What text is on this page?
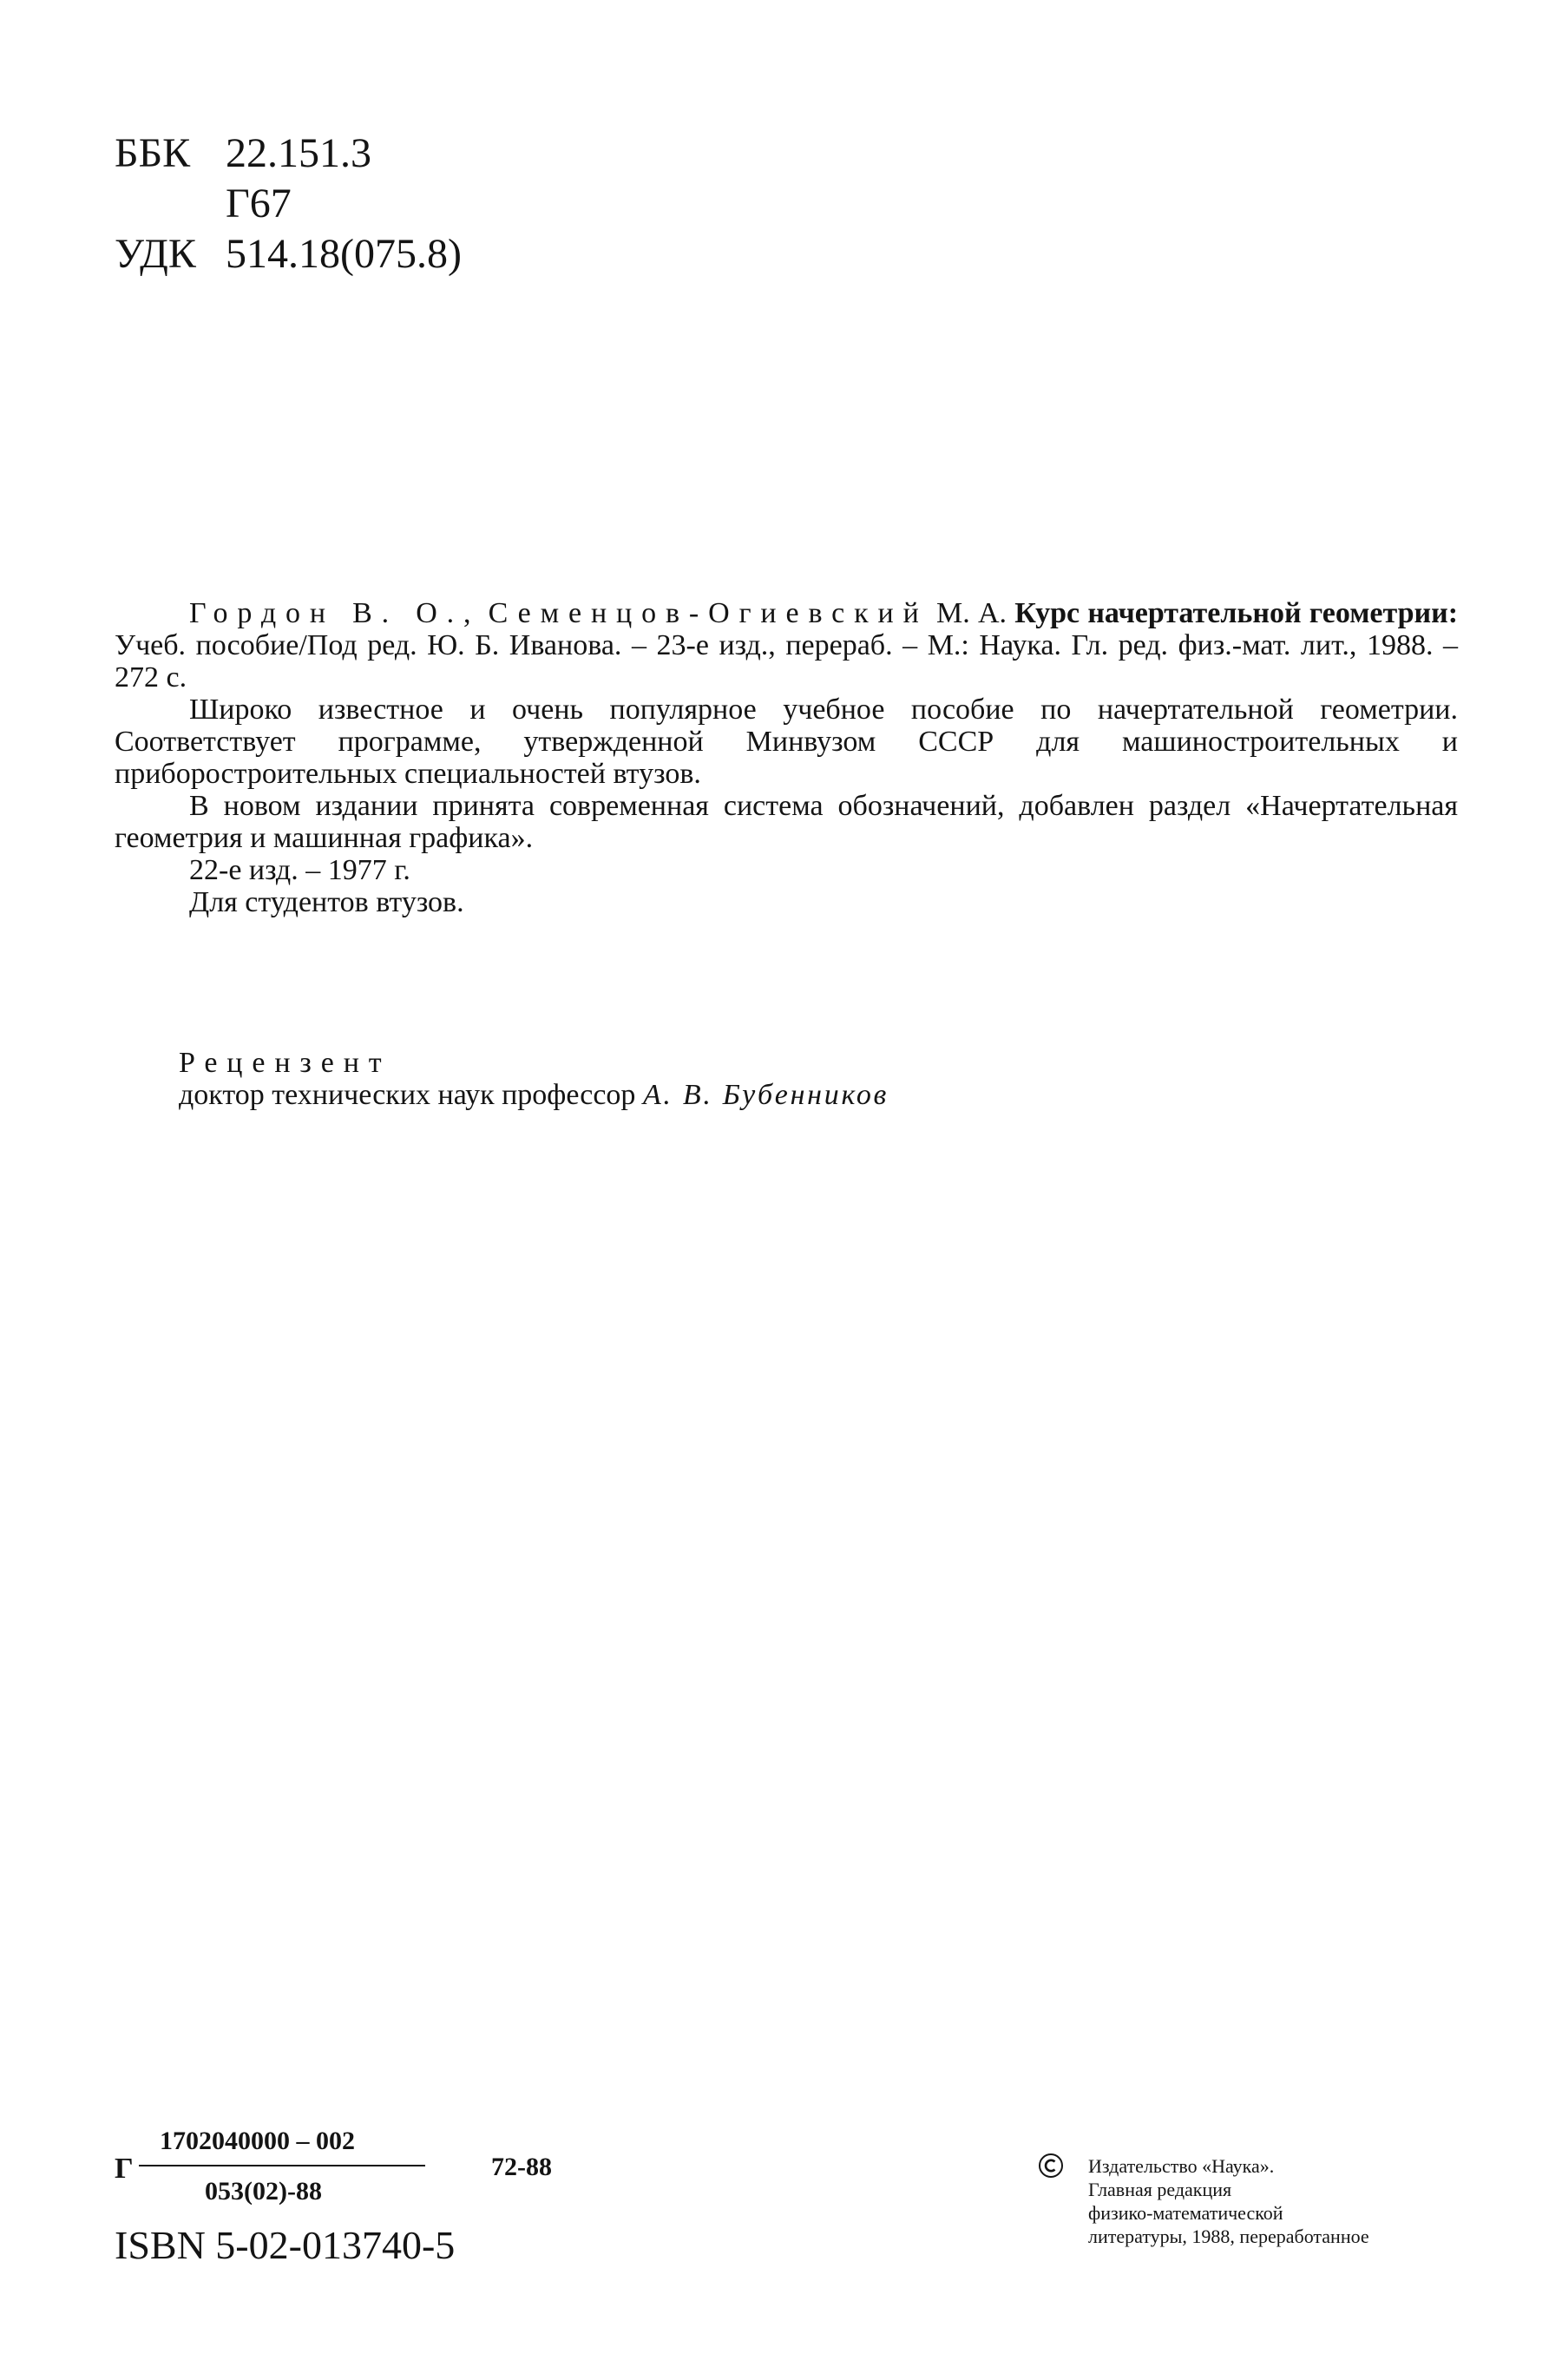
ББК 22.151.3
Г67
УДК 514.18(075.8)

Гордон В. О., Семенцов-Огиевский М. А. Курс начертательной геометрии: Учеб. пособие/Под ред. Ю. Б. Иванова. – 23-е изд., перераб. – М.: Наука. Гл. ред. физ.-мат. лит., 1988. – 272 с.

Широко известное и очень популярное учебное пособие по начертательной геометрии. Соответствует программе, утвержденной Минвузом СССР для машиностроительных и приборостроительных специальностей втузов.

В новом издании принята современная система обозначений, добавлен раздел «Начертательная геометрия и машинная графика».

22-е изд. – 1977 г.

Для студентов втузов.

Рецензент
доктор технических наук профессор А. В. Бубенников
Г
1702040000 – 002
053(02)-88
72-88
ISBN 5-02-013740-5
Издательство «Наука».
Главная редакция
физико-математической
литературы, 1988, переработанное
